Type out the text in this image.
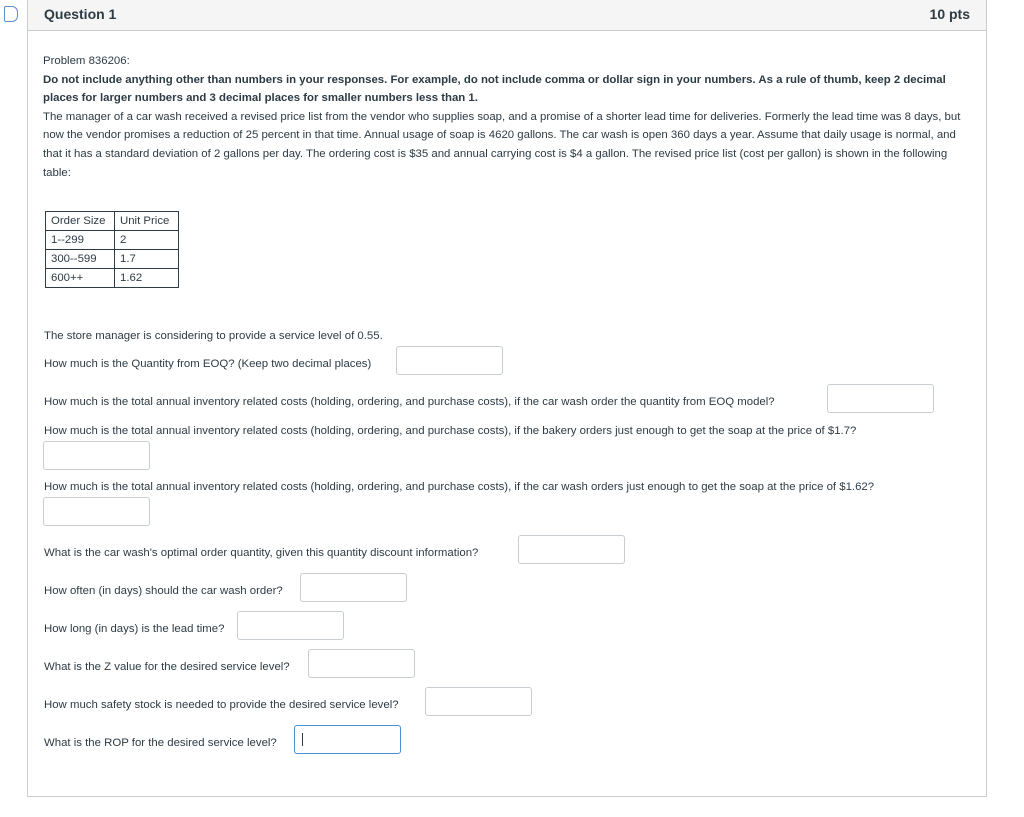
Question 1	10 pts

Problem 836206:

Do not include anything other than numbers in your responses. For example, do not include comma or dollar sign in your numbers. As a rule of thumb, keep 2 decimal places for larger numbers and 3 decimal places for smaller numbers less than 1.

The manager of a car wash received a revised price list from the vendor who supplies soap, and a promise of a shorter lead time for deliveries. Formerly the lead time was 8 days, but now the vendor promises a reduction of 25 percent in that time. Annual usage of soap is 4620 gallons. The car wash is open 360 days a year. Assume that daily usage is normal, and that it has a standard deviation of 2 gallons per day. The ordering cost is $35 and annual carrying cost is $4 a gallon. The revised price list (cost per gallon) is shown in the following table:

Order Size	Unit Price
1--299	2
300--599	1.7
600++	1.62
The store manager is considering to provide a service level of 0.55.
How much is the Quantity from EOQ? (Keep two decimal places)
How much is the total annual inventory related costs (holding, ordering, and purchase costs), if the car wash order the quantity from EOQ model?
How much is the total annual inventory related costs (holding, ordering, and purchase costs), if the bakery orders just enough to get the soap at the price of $1.7?
How much is the total annual inventory related costs (holding, ordering, and purchase costs), if the car wash orders just enough to get the soap at the price of $1.62?
What is the car wash's optimal order quantity, given this quantity discount information?
How often (in days) should the car wash order?
How long (in days) is the lead time?
What is the Z value for the desired service level?
How much safety stock is needed to provide the desired service level?
What is the ROP for the desired service level?
